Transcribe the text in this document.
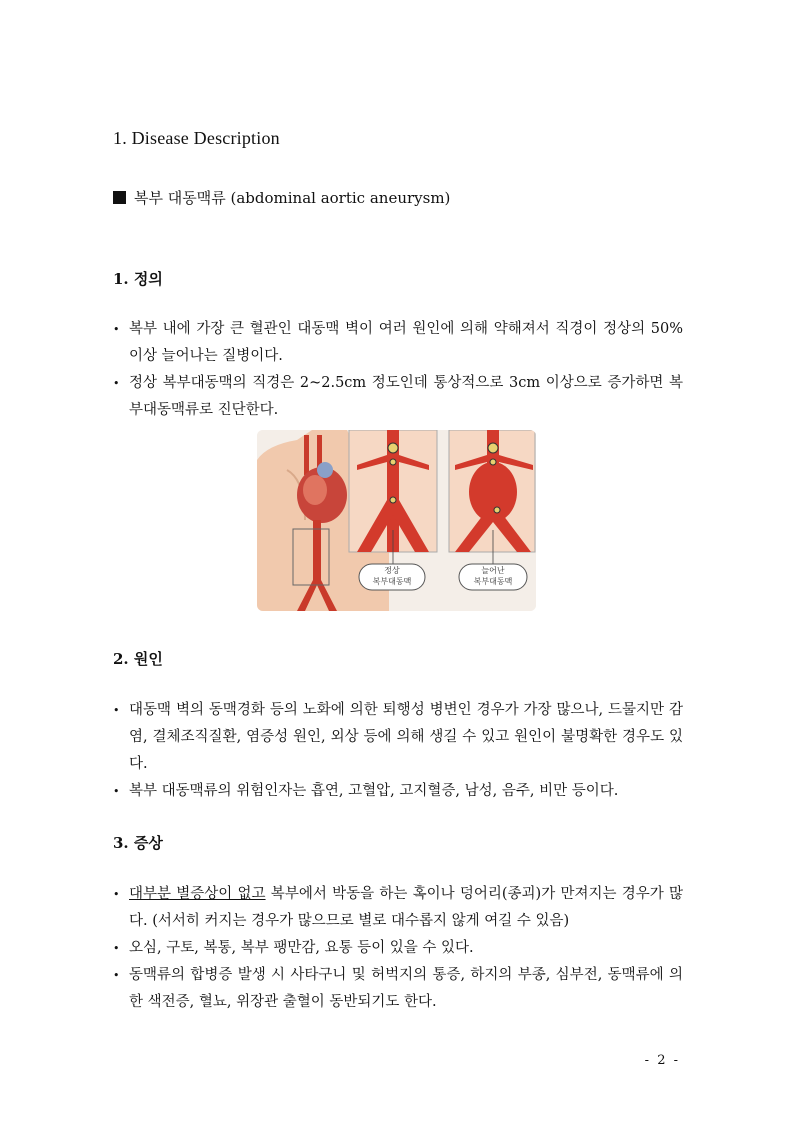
1. Disease Description
복부 대동맥류 (abdominal aortic aneurysm)
1. 정의
• 복부 내에 가장 큰 혈관인 대동맥 벽이 여러 원인에 의해 약해져서 직경이 정상의 50% 이상 늘어나는 질병이다.
• 정상 복부대동맥의 직경은 2~2.5cm 정도인데 통상적으로 3cm 이상으로 증가하면 복부대동맥류로 진단한다.
정상
복부대동맥
늘어난
복부대동맥
2. 원인
• 대동맥 벽의 동맥경화 등의 노화에 의한 퇴행성 병변인 경우가 가장 많으나, 드물지만 감염, 결체조직질환, 염증성 원인, 외상 등에 의해 생길 수 있고 원인이 불명확한 경우도 있다.
• 복부 대동맥류의 위험인자는 흡연, 고혈압, 고지혈증, 남성, 음주, 비만 등이다.
3. 증상
• 대부분 별증상이 없고 복부에서 박동을 하는 혹이나 덩어리(종괴)가 만져지는 경우가 많다. (서서히 커지는 경우가 많으므로 별로 대수롭지 않게 여길 수 있음)
• 오심, 구토, 복통, 복부 팽만감, 요통 등이 있을 수 있다.
• 동맥류의 합병증 발생 시 사타구니 및 허벅지의 통증, 하지의 부종, 심부전, 동맥류에 의한 색전증, 혈뇨, 위장관 출혈이 동반되기도 한다.
- 2 -
